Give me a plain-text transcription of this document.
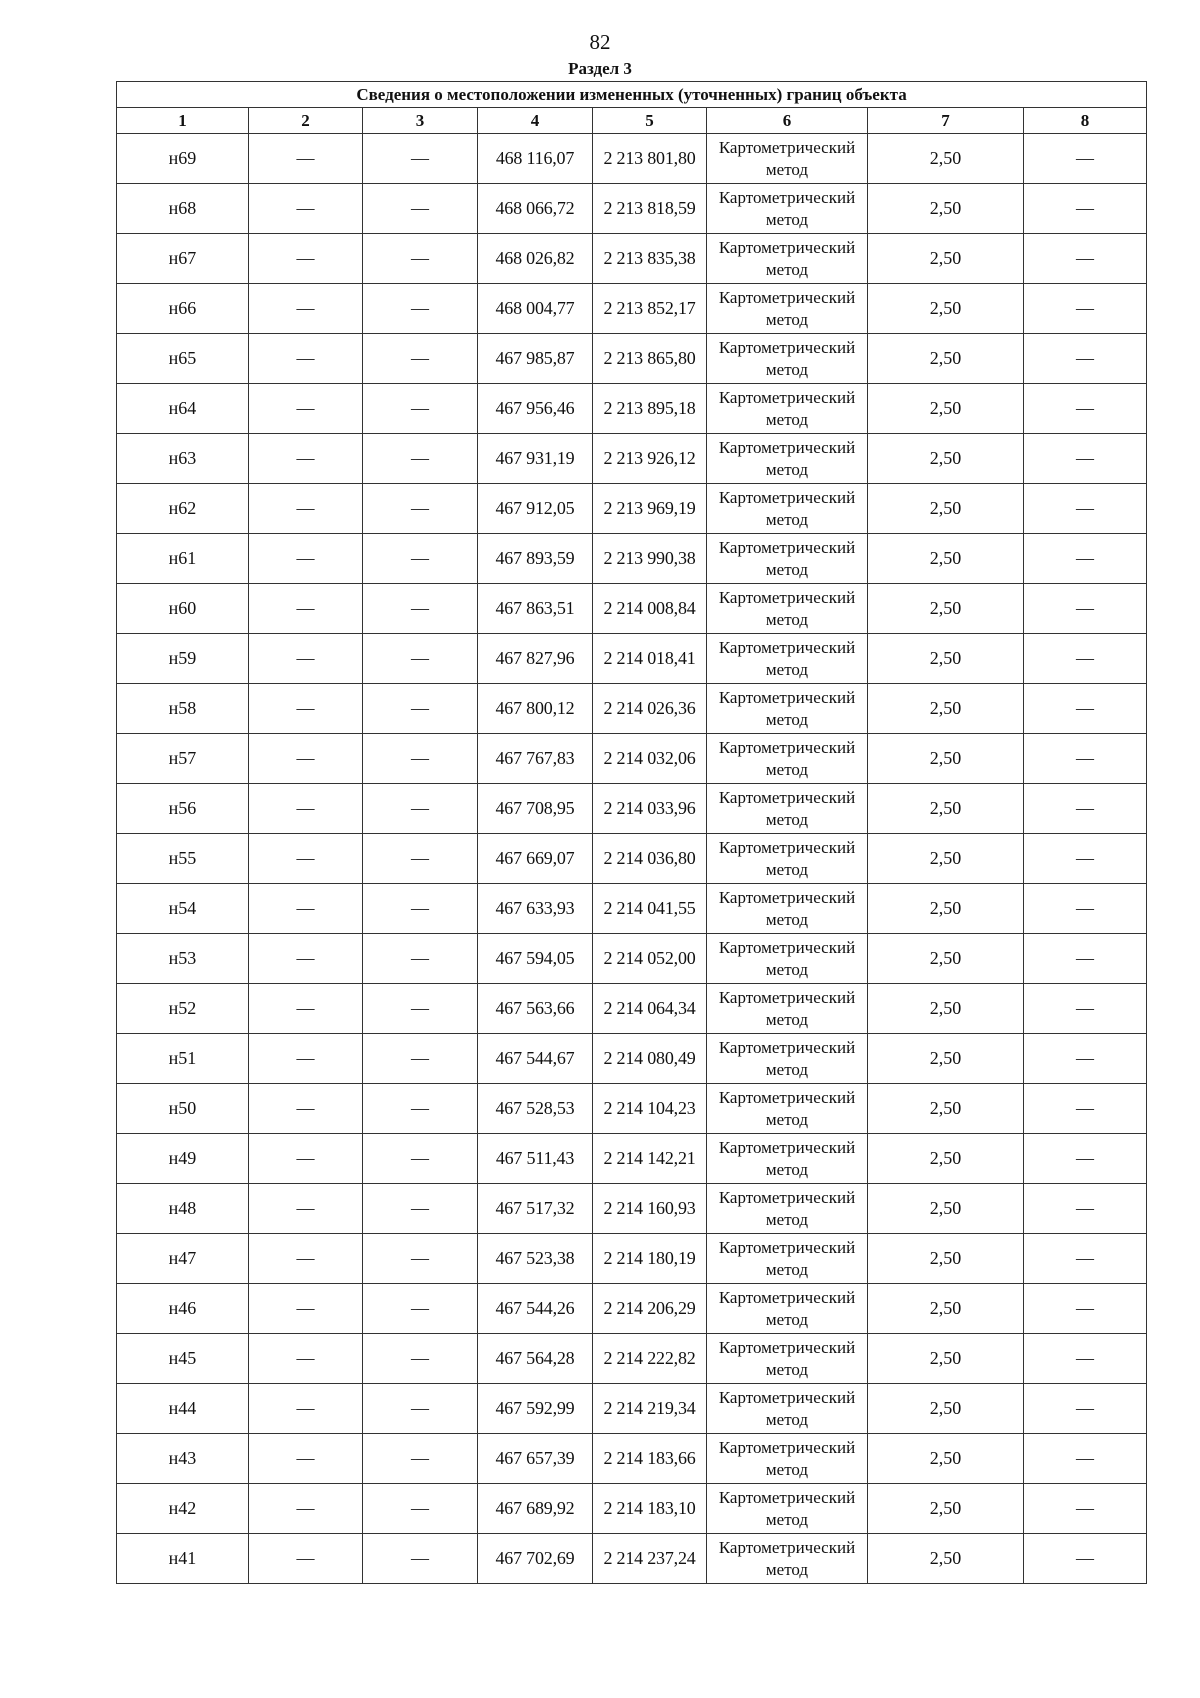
82
Раздел 3
Сведения о местоположении измененных (уточненных) границ объекта							
1	2	3	4	5	6	7	8
н69	—	—	468 116,07	2 213 801,80	Картометрический метод	2,50	—
н68	—	—	468 066,72	2 213 818,59	Картометрический метод	2,50	—
н67	—	—	468 026,82	2 213 835,38	Картометрический метод	2,50	—
н66	—	—	468 004,77	2 213 852,17	Картометрический метод	2,50	—
н65	—	—	467 985,87	2 213 865,80	Картометрический метод	2,50	—
н64	—	—	467 956,46	2 213 895,18	Картометрический метод	2,50	—
н63	—	—	467 931,19	2 213 926,12	Картометрический метод	2,50	—
н62	—	—	467 912,05	2 213 969,19	Картометрический метод	2,50	—
н61	—	—	467 893,59	2 213 990,38	Картометрический метод	2,50	—
н60	—	—	467 863,51	2 214 008,84	Картометрический метод	2,50	—
н59	—	—	467 827,96	2 214 018,41	Картометрический метод	2,50	—
н58	—	—	467 800,12	2 214 026,36	Картометрический метод	2,50	—
н57	—	—	467 767,83	2 214 032,06	Картометрический метод	2,50	—
н56	—	—	467 708,95	2 214 033,96	Картометрический метод	2,50	—
н55	—	—	467 669,07	2 214 036,80	Картометрический метод	2,50	—
н54	—	—	467 633,93	2 214 041,55	Картометрический метод	2,50	—
н53	—	—	467 594,05	2 214 052,00	Картометрический метод	2,50	—
н52	—	—	467 563,66	2 214 064,34	Картометрический метод	2,50	—
н51	—	—	467 544,67	2 214 080,49	Картометрический метод	2,50	—
н50	—	—	467 528,53	2 214 104,23	Картометрический метод	2,50	—
н49	—	—	467 511,43	2 214 142,21	Картометрический метод	2,50	—
н48	—	—	467 517,32	2 214 160,93	Картометрический метод	2,50	—
н47	—	—	467 523,38	2 214 180,19	Картометрический метод	2,50	—
н46	—	—	467 544,26	2 214 206,29	Картометрический метод	2,50	—
н45	—	—	467 564,28	2 214 222,82	Картометрический метод	2,50	—
н44	—	—	467 592,99	2 214 219,34	Картометрический метод	2,50	—
н43	—	—	467 657,39	2 214 183,66	Картометрический метод	2,50	—
н42	—	—	467 689,92	2 214 183,10	Картометрический метод	2,50	—
н41	—	—	467 702,69	2 214 237,24	Картометрический метод	2,50	—
